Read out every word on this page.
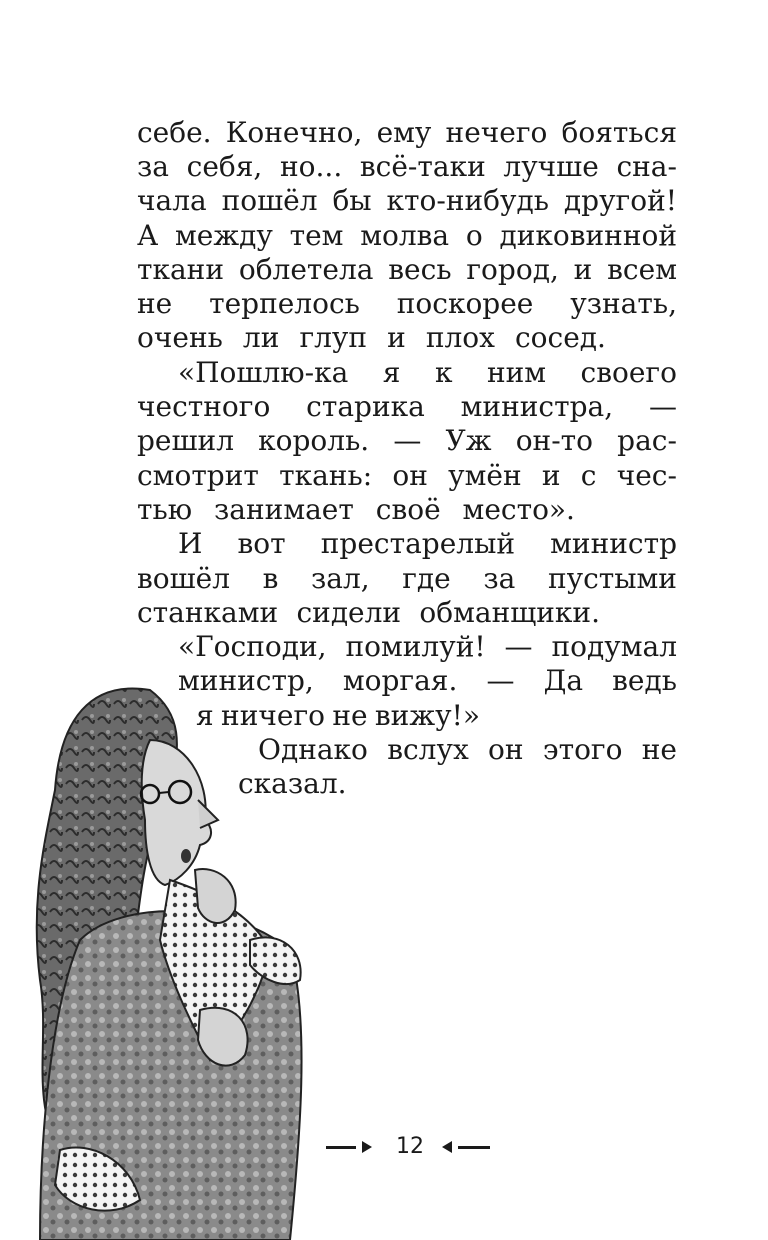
себе. Конечно, ему нечего бояться
за себя, но... всё-таки лучше сна-
чала пошёл бы кто-нибудь другой!
А между тем молва о диковинной
ткани облетела весь город, и всем
не терпелось поскорее узнать,
очень ли глуп и плох сосед.
«Пошлю-ка я к ним своего
честного старика министра, —
решил король. — Уж он-то рас-
смотрит ткань: он умён и с чес-
тью занимает своё место».
И вот престарелый министр
вошёл в зал, где за пустыми
станками сидели обманщики.
«Господи, помилуй! — подумал
министр, моргая. — Да ведь
я ничего не вижу!»
Однако вслух он этого не
сказал.
12
